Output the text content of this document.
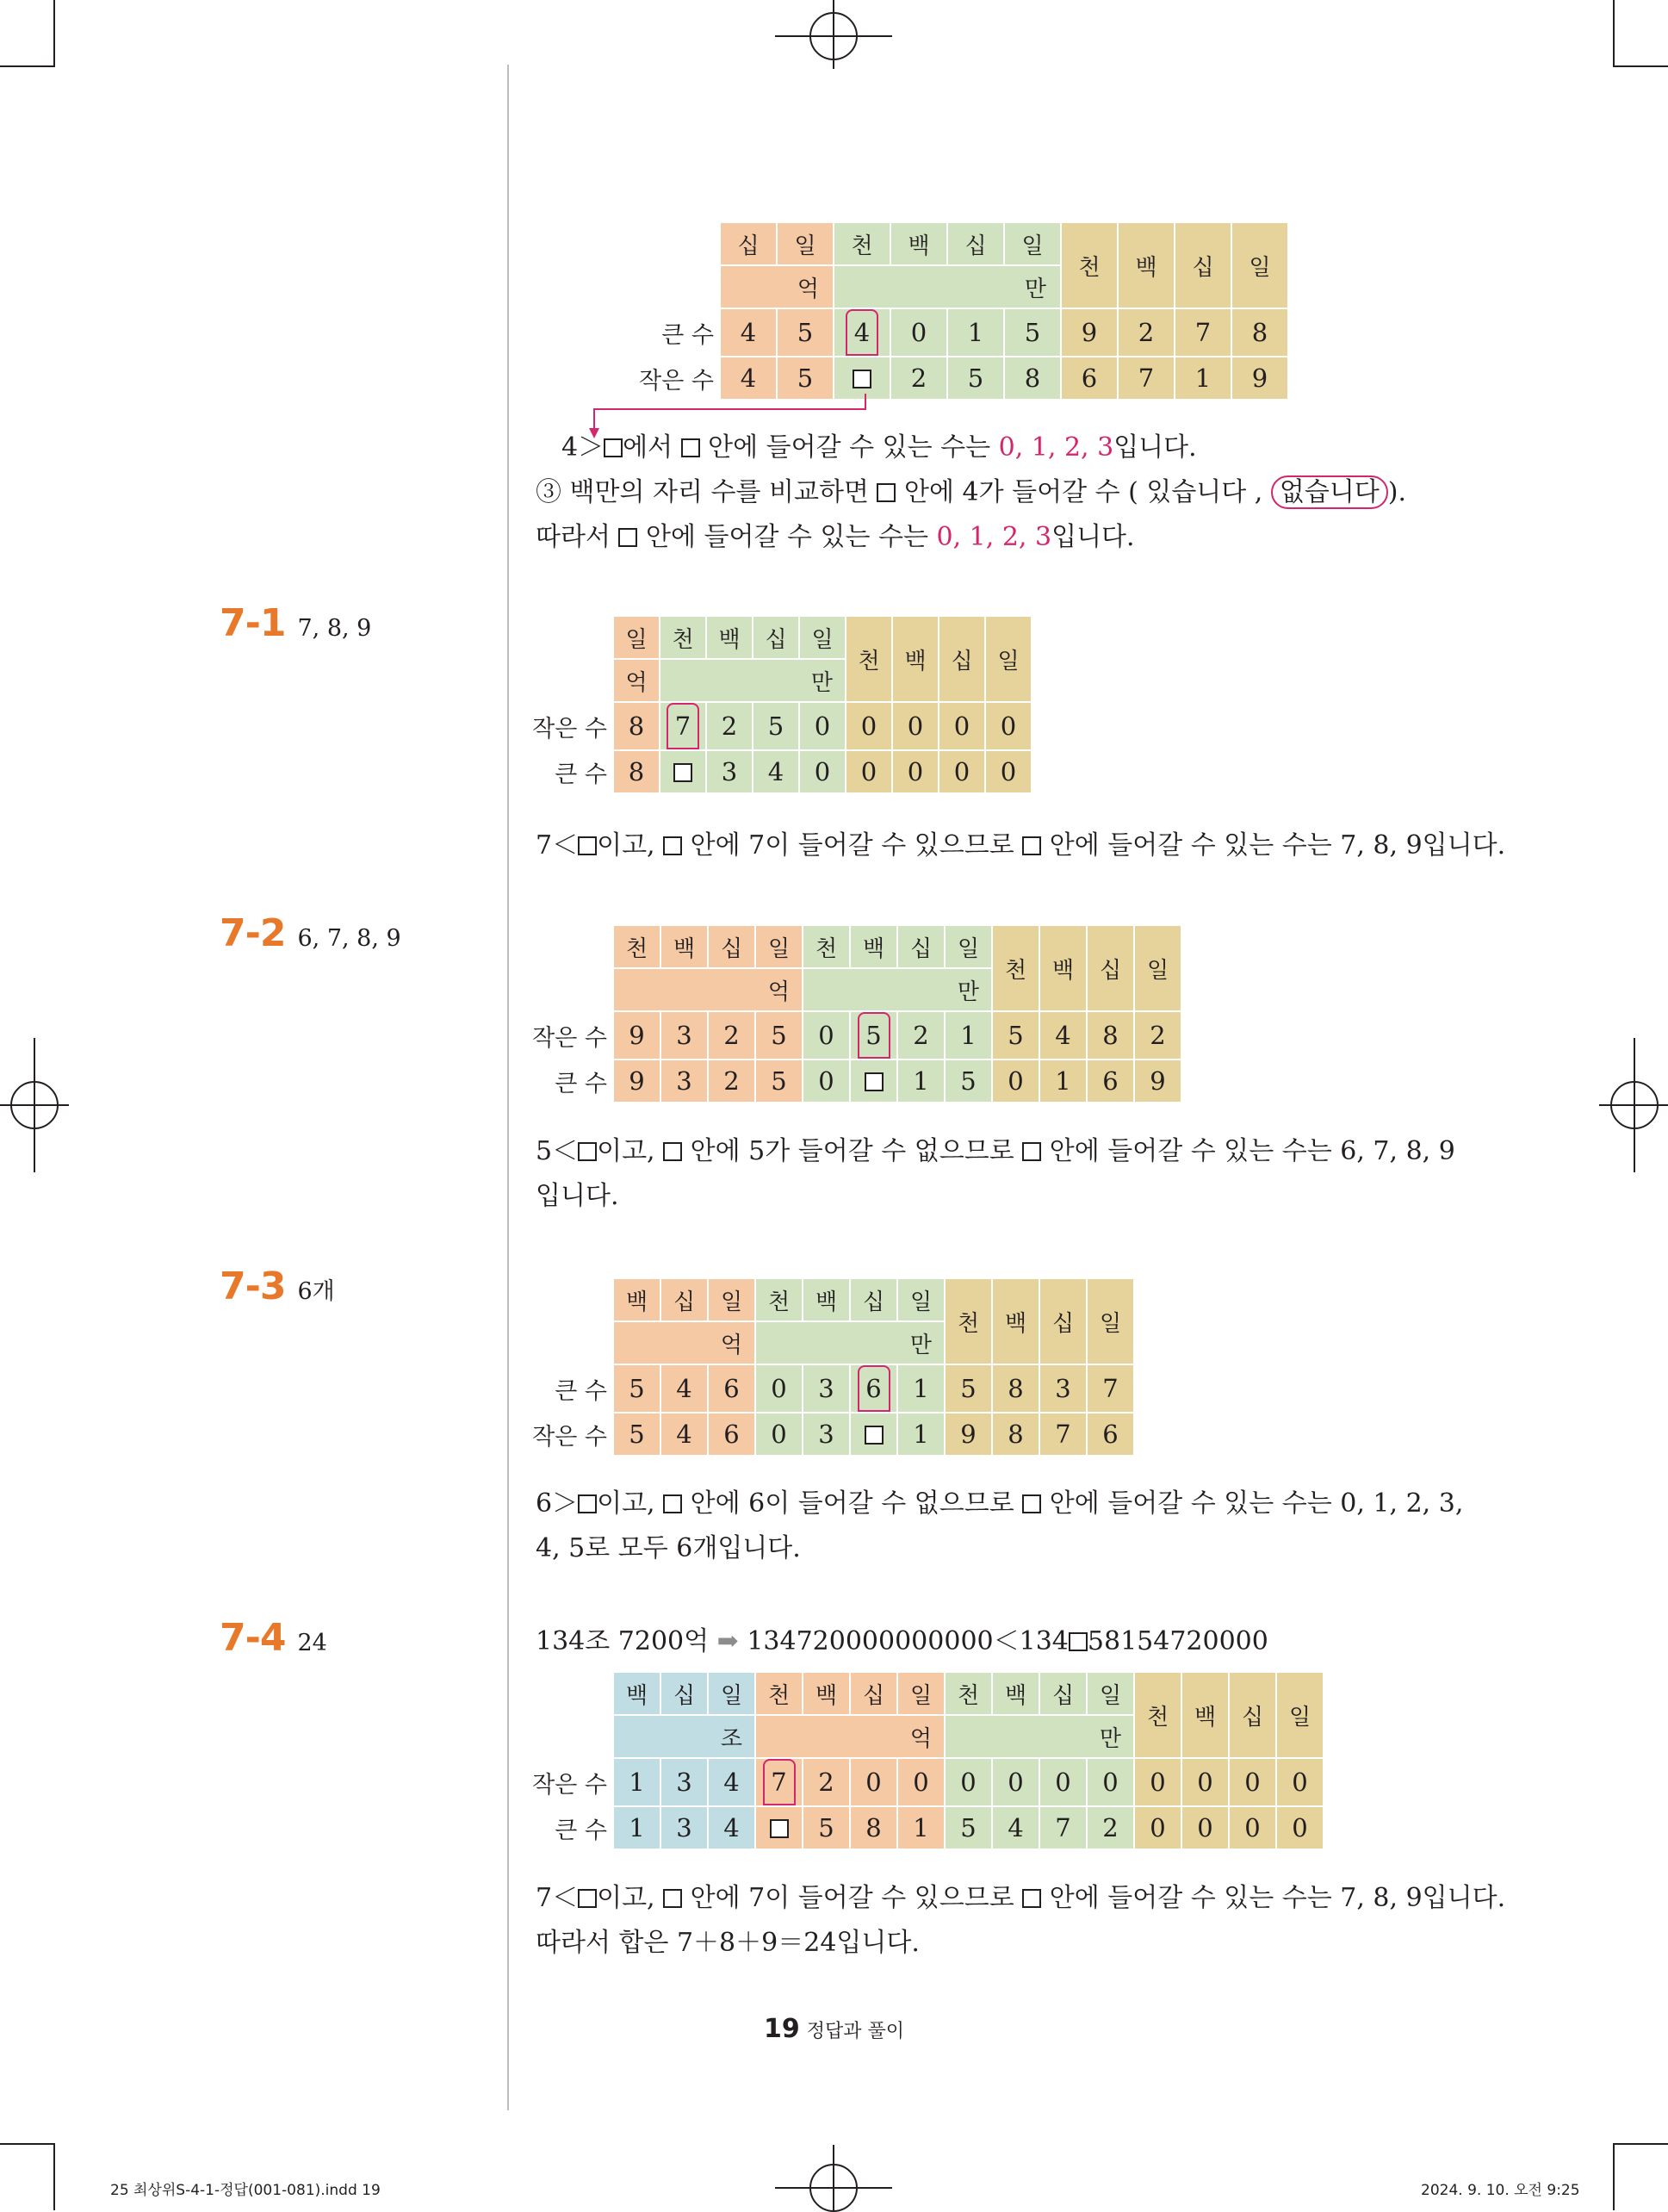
	십	일	천	백	십	일	천	백	십	일
	억		만							
큰 수	4	5	4	0	1	5	9	2	7	8
작은 수	4	5		2	5	8	6	7	1	9
4＞ 에서  안에 들어갈 수 있는 수는 0, 1, 2, 3입니다.
③ 백만의 자리 수를 비교하면  안에 4가 들어갈 수 ( 있습니다 , 없습니다 ).
따라서  안에 들어갈 수 있는 수는 0, 1, 2, 3입니다.
7-1 7, 8, 9
		일	천	백	십	일	천	백	십	일
	억	만							
작은 수	8	7	2	5	0	0	0	0	0
큰 수	8		3	4	0	0	0	0	0
7＜ 이고,  안에 7이 들어갈 수 있으므로  안에 들어갈 수 있는 수는 7, 8, 9입니다.
7-2 6, 7, 8, 9
		천	백	십	일	천	백	십	일	천	백	십	일
	억				만							
작은 수	9	3	2	5	0	5	2	1	5	4	8	2
큰 수	9	3	2	5	0		1	5	0	1	6	9
5＜ 이고,  안에 5가 들어갈 수 없으므로  안에 들어갈 수 있는 수는 6, 7, 8, 9
입니다.
7-3 6개
		백	십	일	천	백	십	일	천	백	십	일
	억			만							
큰 수	5	4	6	0	3	6	1	5	8	3	7
작은 수	5	4	6	0	3		1	9	8	7	6
6＞ 이고,  안에 6이 들어갈 수 없으므로  안에 들어갈 수 있는 수는 0, 1, 2, 3,
4, 5로 모두 6개입니다.
7-4 24	134조 7200억 ➡ 134720000000000＜134 58154720000
	백	십	일	천	백	십	일	천	백	십	일	천	백	십	일
	조			억				만							
작은 수	1	3	4	7	2	0	0	0	0	0	0	0	0	0	0
큰 수	1	3	4		5	8	1	5	4	7	2	0	0	0	0
7＜ 이고,  안에 7이 들어갈 수 있으므로  안에 들어갈 수 있는 수는 7, 8, 9입니다.
따라서 합은 7＋8＋9＝24입니다.
19 정답과 풀이
25 최상위S-4-1-정답(001-081).indd 19	2024. 9. 10. 오전 9:25
